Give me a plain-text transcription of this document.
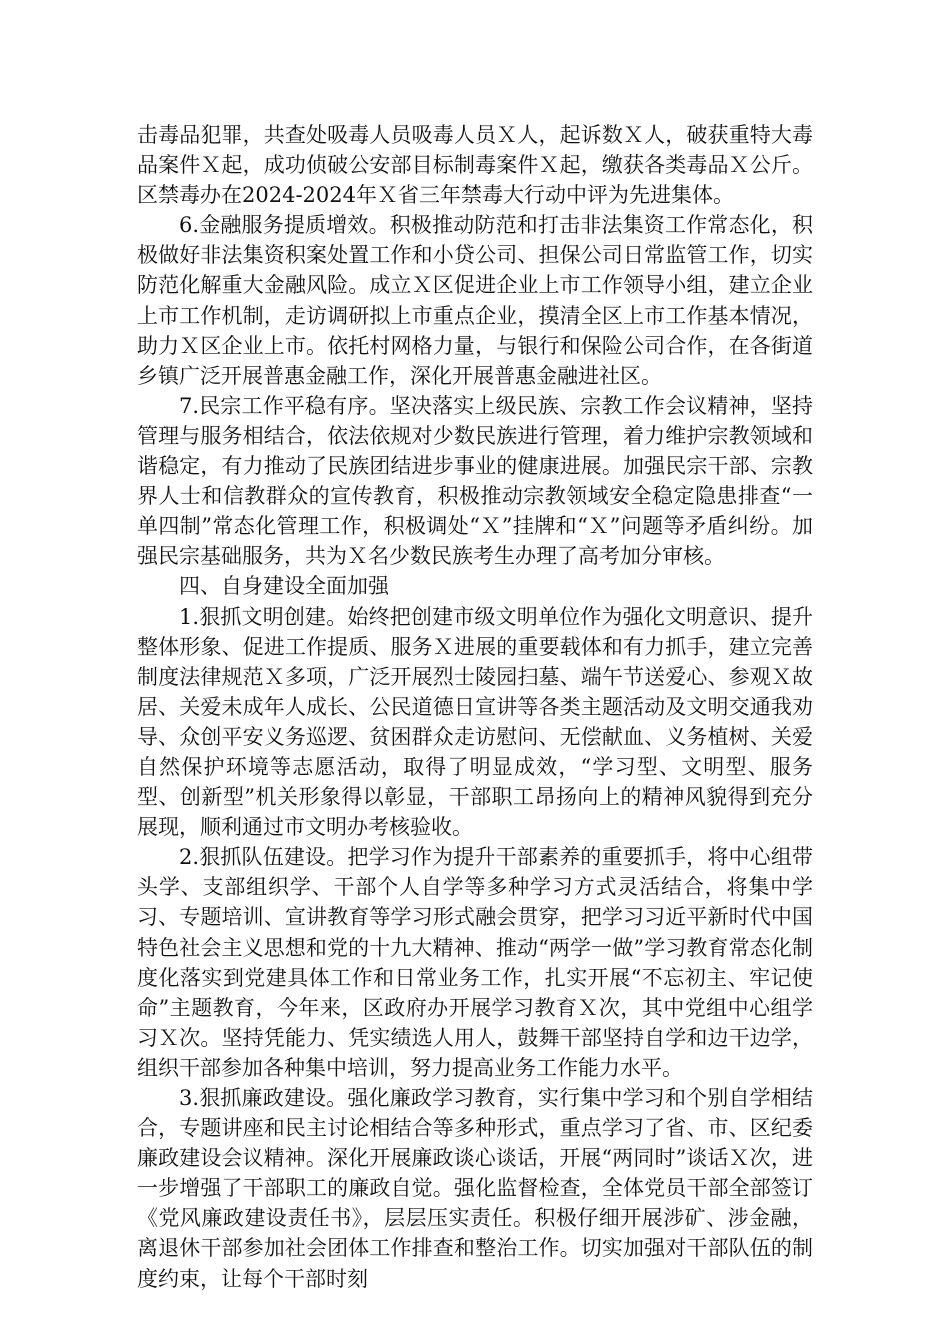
击毒品犯罪，共查处吸毒人员吸毒人员Ｘ人，起诉数Ｘ人，破获重特大毒品案件Ｘ起，成功侦破公安部目标制毒案件Ｘ起，缴获各类毒品Ｘ公斤。区禁毒办在2024-2024年Ｘ省三年禁毒大行动中评为先进集体。

6.金融服务提质增效。积极推动防范和打击非法集资工作常态化，积极做好非法集资积案处置工作和小贷公司、担保公司日常监管工作，切实防范化解重大金融风险。成立Ｘ区促进企业上市工作领导小组，建立企业上市工作机制，走访调研拟上市重点企业，摸清全区上市工作基本情况，助力Ｘ区企业上市。依托村网格力量，与银行和保险公司合作，在各街道乡镇广泛开展普惠金融工作，深化开展普惠金融进社区。

7.民宗工作平稳有序。坚决落实上级民族、宗教工作会议精神，坚持管理与服务相结合，依法依规对少数民族进行管理，着力维护宗教领域和谐稳定，有力推动了民族团结进步事业的健康进展。加强民宗干部、宗教界人士和信教群众的宣传教育，积极推动宗教领域安全稳定隐患排查“一单四制”常态化管理工作，积极调处“Ｘ”挂牌和“Ｘ”问题等矛盾纠纷。加强民宗基础服务，共为Ｘ名少数民族考生办理了高考加分审核。

四、自身建设全面加强

1.狠抓文明创建。始终把创建市级文明单位作为强化文明意识、提升整体形象、促进工作提质、服务Ｘ进展的重要载体和有力抓手，建立完善制度法律规范Ｘ多项，广泛开展烈士陵园扫墓、端午节送爱心、参观Ｘ故居、关爱未成年人成长、公民道德日宣讲等各类主题活动及文明交通我劝导、众创平安义务巡逻、贫困群众走访慰问、无偿献血、义务植树、关爱自然保护环境等志愿活动，取得了明显成效，“学习型、文明型、服务型、创新型”机关形象得以彰显，干部职工昂扬向上的精神风貌得到充分展现，顺利通过市文明办考核验收。

2.狠抓队伍建设。把学习作为提升干部素养的重要抓手，将中心组带头学、支部组织学、干部个人自学等多种学习方式灵活结合，将集中学习、专题培训、宣讲教育等学习形式融会贯穿，把学习习近平新时代中国特色社会主义思想和党的十九大精神、推动“两学一做”学习教育常态化制度化落实到党建具体工作和日常业务工作，扎实开展“不忘初主、牢记使命”主题教育，今年来，区政府办开展学习教育Ｘ次，其中党组中心组学习Ｘ次。坚持凭能力、凭实绩选人用人，鼓舞干部坚持自学和边干边学，组织干部参加各种集中培训，努力提高业务工作能力水平。

3.狠抓廉政建设。强化廉政学习教育，实行集中学习和个别自学相结合，专题讲座和民主讨论相结合等多种形式，重点学习了省、市、区纪委廉政建设会议精神。深化开展廉政谈心谈话，开展“两同时”谈话Ｘ次，进一步增强了干部职工的廉政自觉。强化监督检查，全体党员干部全部签订《党风廉政建设责任书》，层层压实责任。积极仔细开展涉矿、涉金融，离退休干部参加社会团体工作排查和整治工作。切实加强对干部队伍的制度约束，让每个干部时刻
